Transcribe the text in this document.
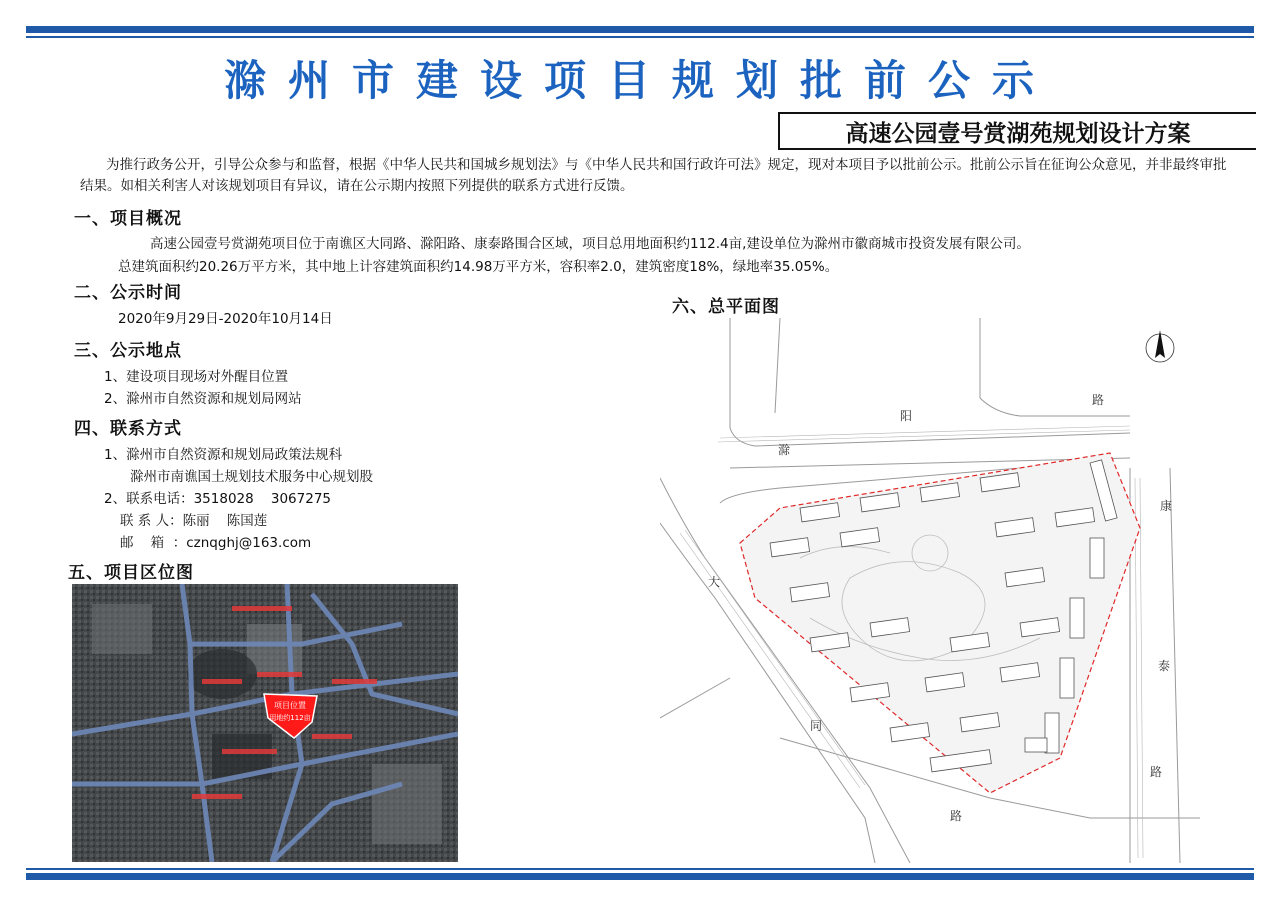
滁州市建设项目规划批前公示
高速公园壹号赏湖苑规划设计方案
为推行政务公开，引导公众参与和监督，根据《中华人民共和国城乡规划法》与《中华人民共和国行政许可法》规定，现对本项目予以批前公示。批前公示旨在征询公众意见，并非最终审批结果。如相关利害人对该规划项目有异议，请在公示期内按照下列提供的联系方式进行反馈。
一、项目概况
高速公园壹号赏湖苑项目位于南谯区大同路、滁阳路、康泰路围合区域，项目总用地面积约112.4亩,建设单位为滁州市徽商城市投资发展有限公司。
总建筑面积约20.26万平方米，其中地上计容建筑面积约14.98万平方米，容积率2.0，建筑密度18%，绿地率35.05%。
二、公示时间
2020年9月29日-2020年10月14日
三、公示地点
1、建设项目现场对外醒目位置
2、滁州市自然资源和规划局网站
四、联系方式
1、滁州市自然资源和规划局政策法规科
滁州市南谯国土规划技术服务中心规划股
2、联系电话：3518028    3067275
联 系 人：陈丽    陈国莲
邮    箱  ：cznqghj@163.com
五、项目区位图
项目位置
用地约112亩
六、总平面图
滁
阳
路
康
泰
路
大
同
路
